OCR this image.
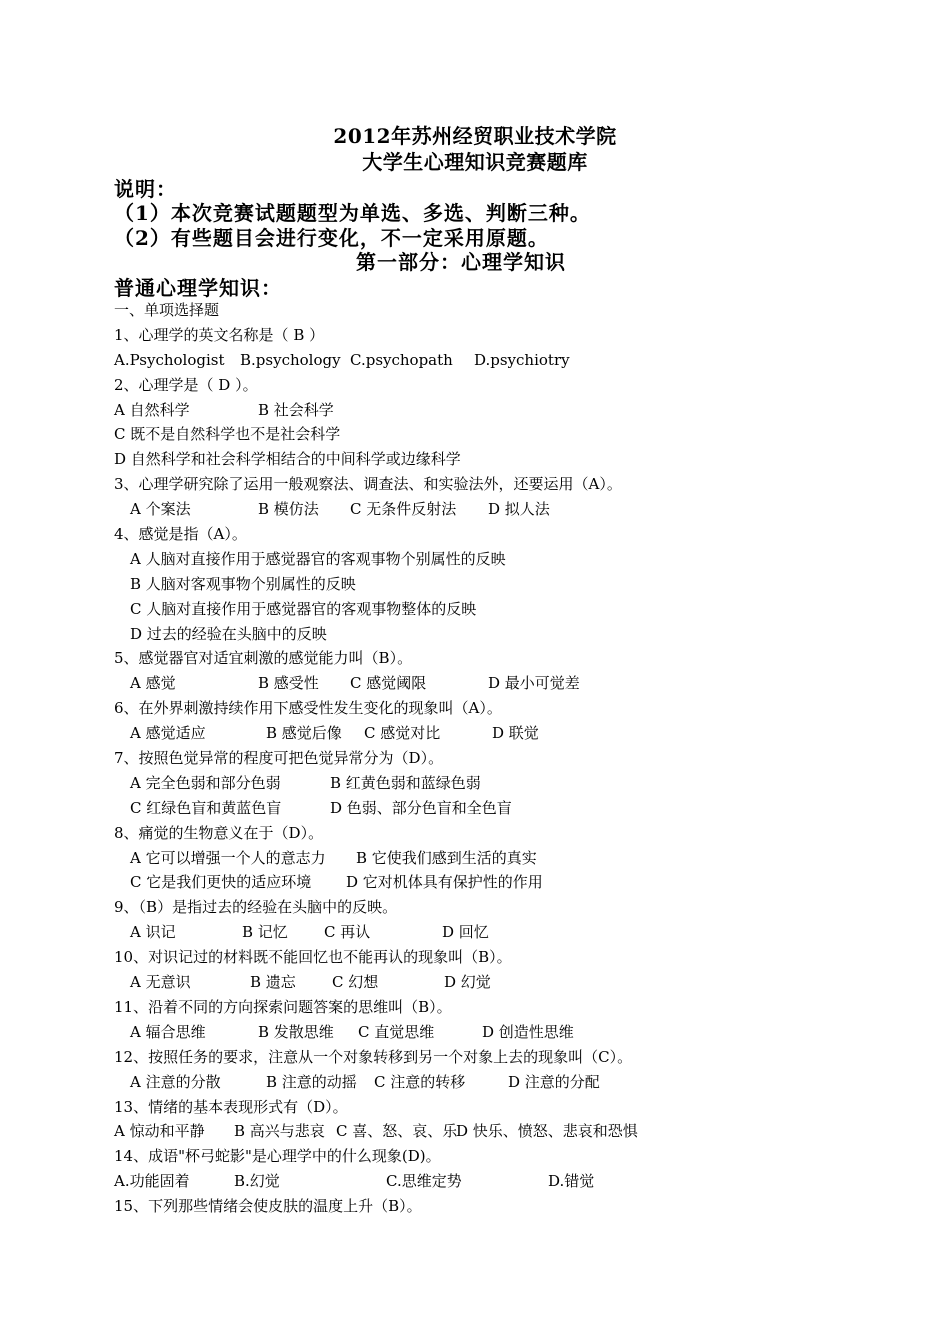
2012年苏州经贸职业技术学院
大学生心理知识竞赛题库
说明：
（1）本次竞赛试题题型为单选、多选、判断三种。
（2）有些题目会进行变化，不一定采用原题。
第一部分：心理学知识
普通心理学知识：
一、单项选择题
1、心理学的英文名称是（ B ）
A.Psychologist B.psychology C.psychopath D.psychiotry
2、心理学是（ D ）。
A 自然科学	B 社会科学
C 既不是自然科学也不是社会科学
D 自然科学和社会科学相结合的中间科学或边缘科学
3、心理学研究除了运用一般观察法、调查法、和实验法外，还要运用（A）。
A 个案法	B 模仿法 C 无条件反射法 D 拟人法
4、感觉是指（A）。
A 人脑对直接作用于感觉器官的客观事物个别属性的反映
B 人脑对客观事物个别属性的反映
C 人脑对直接作用于感觉器官的客观事物整体的反映
D 过去的经验在头脑中的反映
5、感觉器官对适宜刺激的感觉能力叫（B）。
A 感觉	B 感受性 C 感觉阈限	D 最小可觉差
6、在外界刺激持续作用下感受性发生变化的现象叫（A）。
A 感觉适应	B 感觉后像 C 感觉对比	D 联觉
7、按照色觉异常的程度可把色觉异常分为（D）。
A 完全色弱和部分色弱	B 红黄色弱和蓝绿色弱
C 红绿色盲和黄蓝色盲	D 色弱、部分色盲和全色盲
8、痛觉的生物意义在于（D）。
A 它可以增强一个人的意志力 B 它使我们感到生活的真实
C 它是我们更快的适应环境 D 它对机体具有保护性的作用
9、（B）是指过去的经验在头脑中的反映。
A 识记	B 记忆 C 再认	D 回忆
10、对识记过的材料既不能回忆也不能再认的现象叫（B）。
A 无意识	B 遗忘 C 幻想	D 幻觉
11、沿着不同的方向探索问题答案的思维叫（B）。
A 辐合思维	B 发散思维 C 直觉思维	D 创造性思维
12、按照任务的要求，注意从一个对象转移到另一个对象上去的现象叫（C）。
A 注意的分散	B 注意的动摇 C 注意的转移	D 注意的分配
13、情绪的基本表现形式有（D）。
A 惊动和平静 B 高兴与悲哀 C 喜、怒、哀、乐D 快乐、愤怒、悲哀和恐惧
14、成语"杯弓蛇影"是心理学中的什么现象(D)。
A.功能固着	B.幻觉	C.思维定势	D.错觉
15、下列那些情绪会使皮肤的温度上升（B）。
